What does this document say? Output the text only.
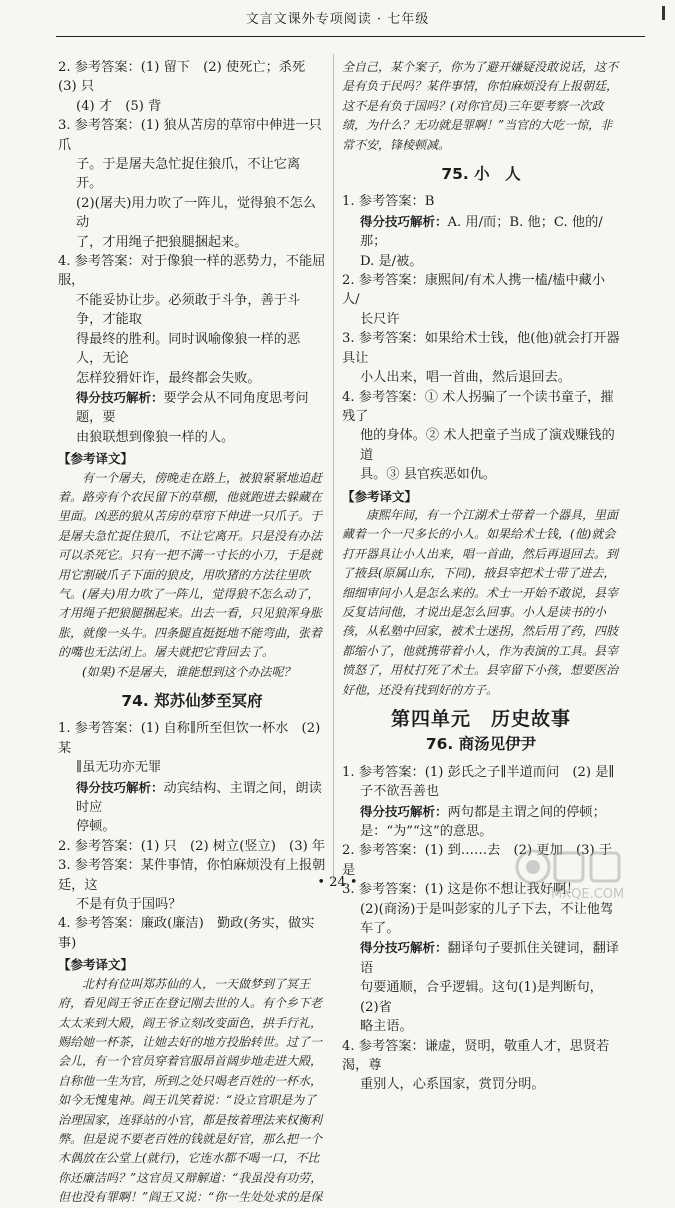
文言文课外专项阅读 · 七年级

2. 参考答案：(1) 留下　(2) 使死亡；杀死　(3) 只

(4) 才　(5) 背

3. 参考答案：(1) 狼从苫房的草帘中伸进一只爪

子。于是屠夫急忙捉住狼爪，不让它离开。

(2)(屠夫)用力吹了一阵儿，觉得狼不怎么动

了，才用绳子把狼腿捆起来。

4. 参考答案：对于像狼一样的恶势力，不能屈服，

不能妥协让步。必须敢于斗争，善于斗争，才能取

得最终的胜利。同时讽喻像狼一样的恶人，无论

怎样狡猾奸诈，最终都会失败。

得分技巧解析：要学会从不同角度思考问题，要

由狼联想到像狼一样的人。

【参考译文】

有一个屠夫，傍晚走在路上，被狼紧紧地追赶着。路旁有个农民留下的草棚，他就跑进去躲藏在里面。凶恶的狼从苫房的草帘下伸进一只爪子。于是屠夫急忙捉住狼爪，不让它离开。只是没有办法可以杀死它。只有一把不满一寸长的小刀，于是就用它割破爪子下面的狼皮，用吹猪的方法往里吹气。(屠夫)用力吹了一阵儿，觉得狼不怎么动了，才用绳子把狼腿捆起来。出去一看，只见狼浑身胀胀，就像一头牛。四条腿直挺挺地不能弯曲，张着的嘴也无法闭上。屠夫就把它背回去了。

(如果)不是屠夫，谁能想到这个办法呢？

74. 郑苏仙梦至冥府

1. 参考答案：(1) 自称∥所至但饮一杯水　(2) 某

∥虽无功亦无罪

得分技巧解析：动宾结构、主谓之间，朗读时应

停顿。

2. 参考答案：(1) 只　(2) 树立(竖立)　(3) 年

3. 参考答案：某件事情，你怕麻烦没有上报朝廷，这

不是有负于国吗？

4. 参考答案：廉政(廉洁)　勤政(务实，做实事)

【参考译文】

北村有位叫郑苏仙的人，一天做梦到了冥王府，看见阎王爷正在登记刚去世的人。有个乡下老太太来到大殿，阎王爷立刻改变面色，拱手行礼，赐给她一杯茶，让她去好的地方投胎转世。过了一会儿，有一个官员穿着官服昂首阔步地走进大殿，自称他一生为官，所到之处只喝老百姓的一杯水，如今无愧鬼神。阎王讥笑着说：“设立官职是为了治理国家，连驿站的小官，都是按着理法来权衡利弊。但是说不要老百姓的钱就是好官，那么把一个木偶放在公堂上(就行)，它连水都不喝一口，不比你还廉洁吗？”这官员又辩解道：“我虽没有功劳，但也没有罪啊！”阎王又说：“你一生处处求的是保

全自己，某个案子，你为了避开嫌疑没敢说话，这不是有负于民吗？某件事情，你怕麻烦没有上报朝廷，这不是有负于国吗？(对你官员)三年要考察一次政绩，为什么？无功就是罪啊！”当官的大吃一惊，非常不安，锋棱顿减。

75. 小　人

1. 参考答案：B

得分技巧解析：A. 用/而；B. 他；C. 他的/那；

D. 是/被。

2. 参考答案：康熙间/有术人携一榼/榼中藏小人/

长尺许

3. 参考答案：如果给术士钱，他(他)就会打开器具让

小人出来，唱一首曲，然后退回去。

4. 参考答案：① 术人拐骗了一个读书童子，摧残了

他的身体。② 术人把童子当成了演戏赚钱的道

具。③ 县官疾恶如仇。

【参考译文】

康熙年间，有一个江湖术士带着一个器具，里面藏着一个一尺多长的小人。如果给术士钱，(他)就会打开器具让小人出来，唱一首曲，然后再退回去。到了掖县(原属山东，下同)，掖县宰把术士带了进去，细细审问小人是怎么来的。术士一开始不敢说，县宰反复诘问他，才说出是怎么回事。小人是读书的小孩，从私塾中回家，被术士迷拐，然后用了药，四肢都缩小了，他就携带着小人，作为表演的工具。县宰愤怒了，用杖打死了术士。县宰留下小孩，想要医治好他，还没有找到好的方子。

第四单元　历史故事
76. 商汤见伊尹

1. 参考答案：(1) 彭氏之子∥半道而问　(2) 是∥

子不欲吾善也

得分技巧解析：两句都是主谓之间的停顿；

是：“为”“这”的意思。

2. 参考答案：(1) 到……去　(2) 更加　(3) 于是

3. 参考答案：(1) 这是你不想让我好啊！

(2)(商汤)于是叫彭家的儿子下去，不让他驾

车了。

得分技巧解析：翻译句子要抓住关键词，翻译语

句要通顺，合乎逻辑。这句(1)是判断句，(2)省

略主语。

4. 参考答案：谦虚，贤明，敬重人才，思贤若渴，尊

重别人，心系国家，赏罚分明。

• 24 •
MXQE.COM
